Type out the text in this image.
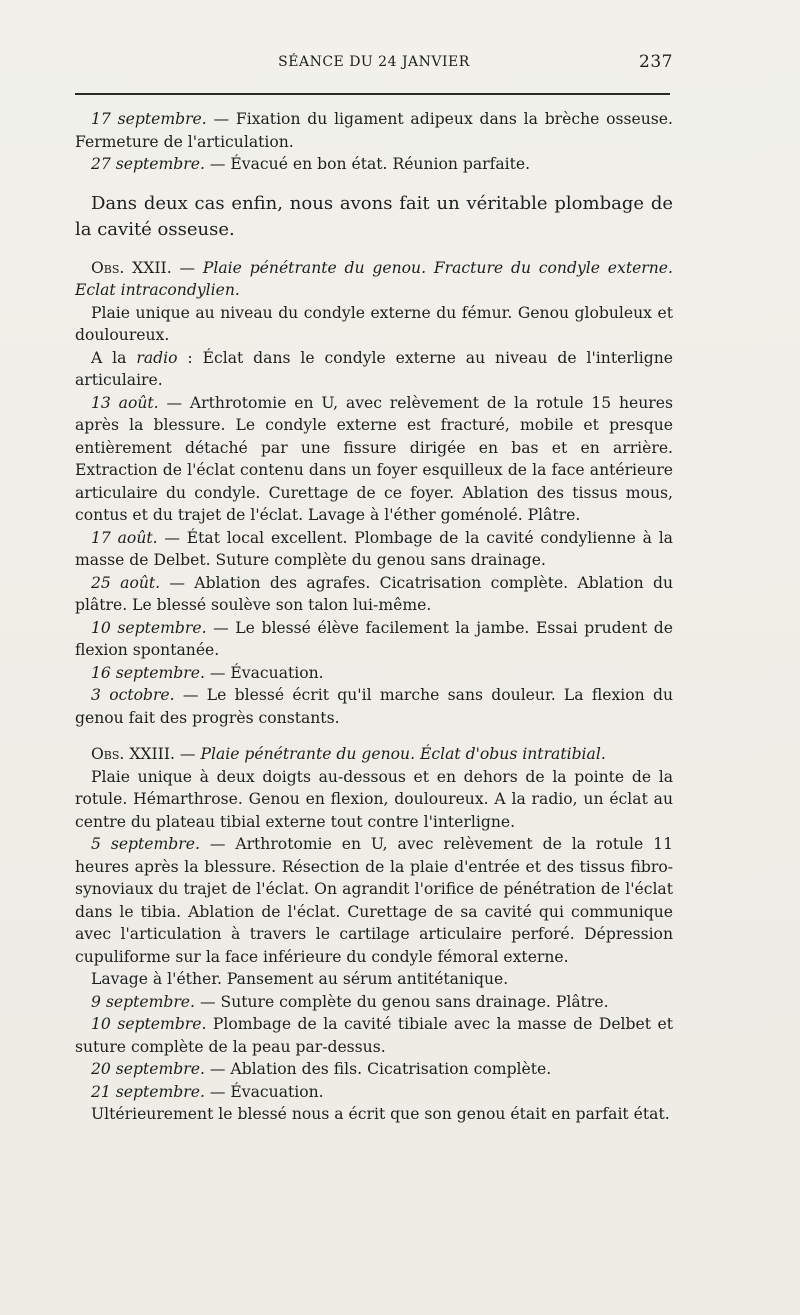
SÉANCE DU 24 JANVIER	237

17 septembre. — Fixation du ligament adipeux dans la brèche osseuse. Fermeture de l'articulation.

27 septembre. — Évacué en bon état. Réunion parfaite.

Dans deux cas enfin, nous avons fait un véritable plombage de la cavité osseuse.

Obs. XXII. — Plaie pénétrante du genou. Fracture du condyle externe. Eclat intracondylien.

Plaie unique au niveau du condyle externe du fémur. Genou globuleux et douloureux.

A la radio : Éclat dans le condyle externe au niveau de l'interligne articulaire.

13 août. — Arthrotomie en U, avec relèvement de la rotule 15 heures après la blessure. Le condyle externe est fracturé, mobile et presque entièrement détaché par une fissure dirigée en bas et en arrière. Extraction de l'éclat contenu dans un foyer esquilleux de la face antérieure articulaire du condyle. Curettage de ce foyer. Ablation des tissus mous, contus et du trajet de l'éclat. Lavage à l'éther goménolé. Plâtre.

17 août. — État local excellent. Plombage de la cavité condylienne à la masse de Delbet. Suture complète du genou sans drainage.

25 août. — Ablation des agrafes. Cicatrisation complète. Ablation du plâtre. Le blessé soulève son talon lui-même.

10 septembre. — Le blessé élève facilement la jambe. Essai prudent de flexion spontanée.

16 septembre. — Évacuation.

3 octobre. — Le blessé écrit qu'il marche sans douleur. La flexion du genou fait des progrès constants.

Obs. XXIII. — Plaie pénétrante du genou. Éclat d'obus intratibial.

Plaie unique à deux doigts au-dessous et en dehors de la pointe de la rotule. Hémarthrose. Genou en flexion, douloureux. A la radio, un éclat au centre du plateau tibial externe tout contre l'interligne.

5 septembre. — Arthrotomie en U, avec relèvement de la rotule 11 heures après la blessure. Résection de la plaie d'entrée et des tissus fibro-synoviaux du trajet de l'éclat. On agrandit l'orifice de pénétration de l'éclat dans le tibia. Ablation de l'éclat. Curettage de sa cavité qui communique avec l'articulation à travers le cartilage articulaire perforé. Dépression cupuliforme sur la face inférieure du condyle fémoral externe.

Lavage à l'éther. Pansement au sérum antitétanique.

9 septembre. — Suture complète du genou sans drainage. Plâtre.

10 septembre. Plombage de la cavité tibiale avec la masse de Delbet et suture complète de la peau par-dessus.

20 septembre. — Ablation des fils. Cicatrisation complète.

21 septembre. — Évacuation.

Ultérieurement le blessé nous a écrit que son genou était en parfait état.
